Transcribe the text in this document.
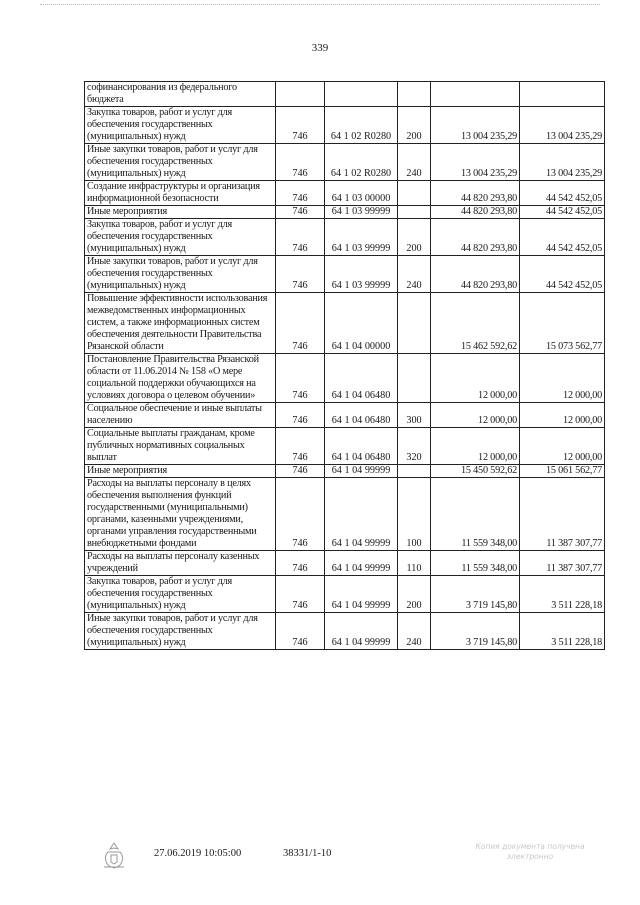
339
софинансирования из федерального бюджета					
Закупка товаров, работ и услуг для обеспечения государственных (муниципальных) нужд	746	64 1 02 R0280	200	13 004 235,29	13 004 235,29
Иные закупки товаров, работ и услуг для обеспечения государственных (муниципальных) нужд	746	64 1 02 R0280	240	13 004 235,29	13 004 235,29
Создание инфраструктуры и организация информационной безопасности	746	64 1 03 00000		44 820 293,80	44 542 452,05
Иные мероприятия	746	64 1 03 99999		44 820 293,80	44 542 452,05
Закупка товаров, работ и услуг для обеспечения государственных (муниципальных) нужд	746	64 1 03 99999	200	44 820 293,80	44 542 452,05
Иные закупки товаров, работ и услуг для обеспечения государственных (муниципальных) нужд	746	64 1 03 99999	240	44 820 293,80	44 542 452,05
Повышение эффективности использования межведомственных информационных систем, а также информационных систем обеспечения деятельности Правительства Рязанской области	746	64 1 04 00000		15 462 592,62	15 073 562,77
Постановление Правительства Рязанской области от 11.06.2014 № 158 «О мере социальной поддержки обучающихся на условиях договора о целевом обучении»	746	64 1 04 06480		12 000,00	12 000,00
Социальное обеспечение и иные выплаты населению	746	64 1 04 06480	300	12 000,00	12 000,00
Социальные выплаты гражданам, кроме публичных нормативных социальных выплат	746	64 1 04 06480	320	12 000,00	12 000,00
Иные мероприятия	746	64 1 04 99999		15 450 592,62	15 061 562,77
Расходы на выплаты персоналу в целях обеспечения выполнения функций государственными (муниципальными) органами, казенными учреждениями, органами управления государственными внебюджетными фондами	746	64 1 04 99999	100	11 559 348,00	11 387 307,77
Расходы на выплаты персоналу казенных учреждений	746	64 1 04 99999	110	11 559 348,00	11 387 307,77
Закупка товаров, работ и услуг для обеспечения государственных (муниципальных) нужд	746	64 1 04 99999	200	3 719 145,80	3 511 228,18
Иные закупки товаров, работ и услуг для обеспечения государственных (муниципальных) нужд	746	64 1 04 99999	240	3 719 145,80	3 511 228,18
27.06.2019 10:05:00	38331/1-10
Копия документа получена
электронно
